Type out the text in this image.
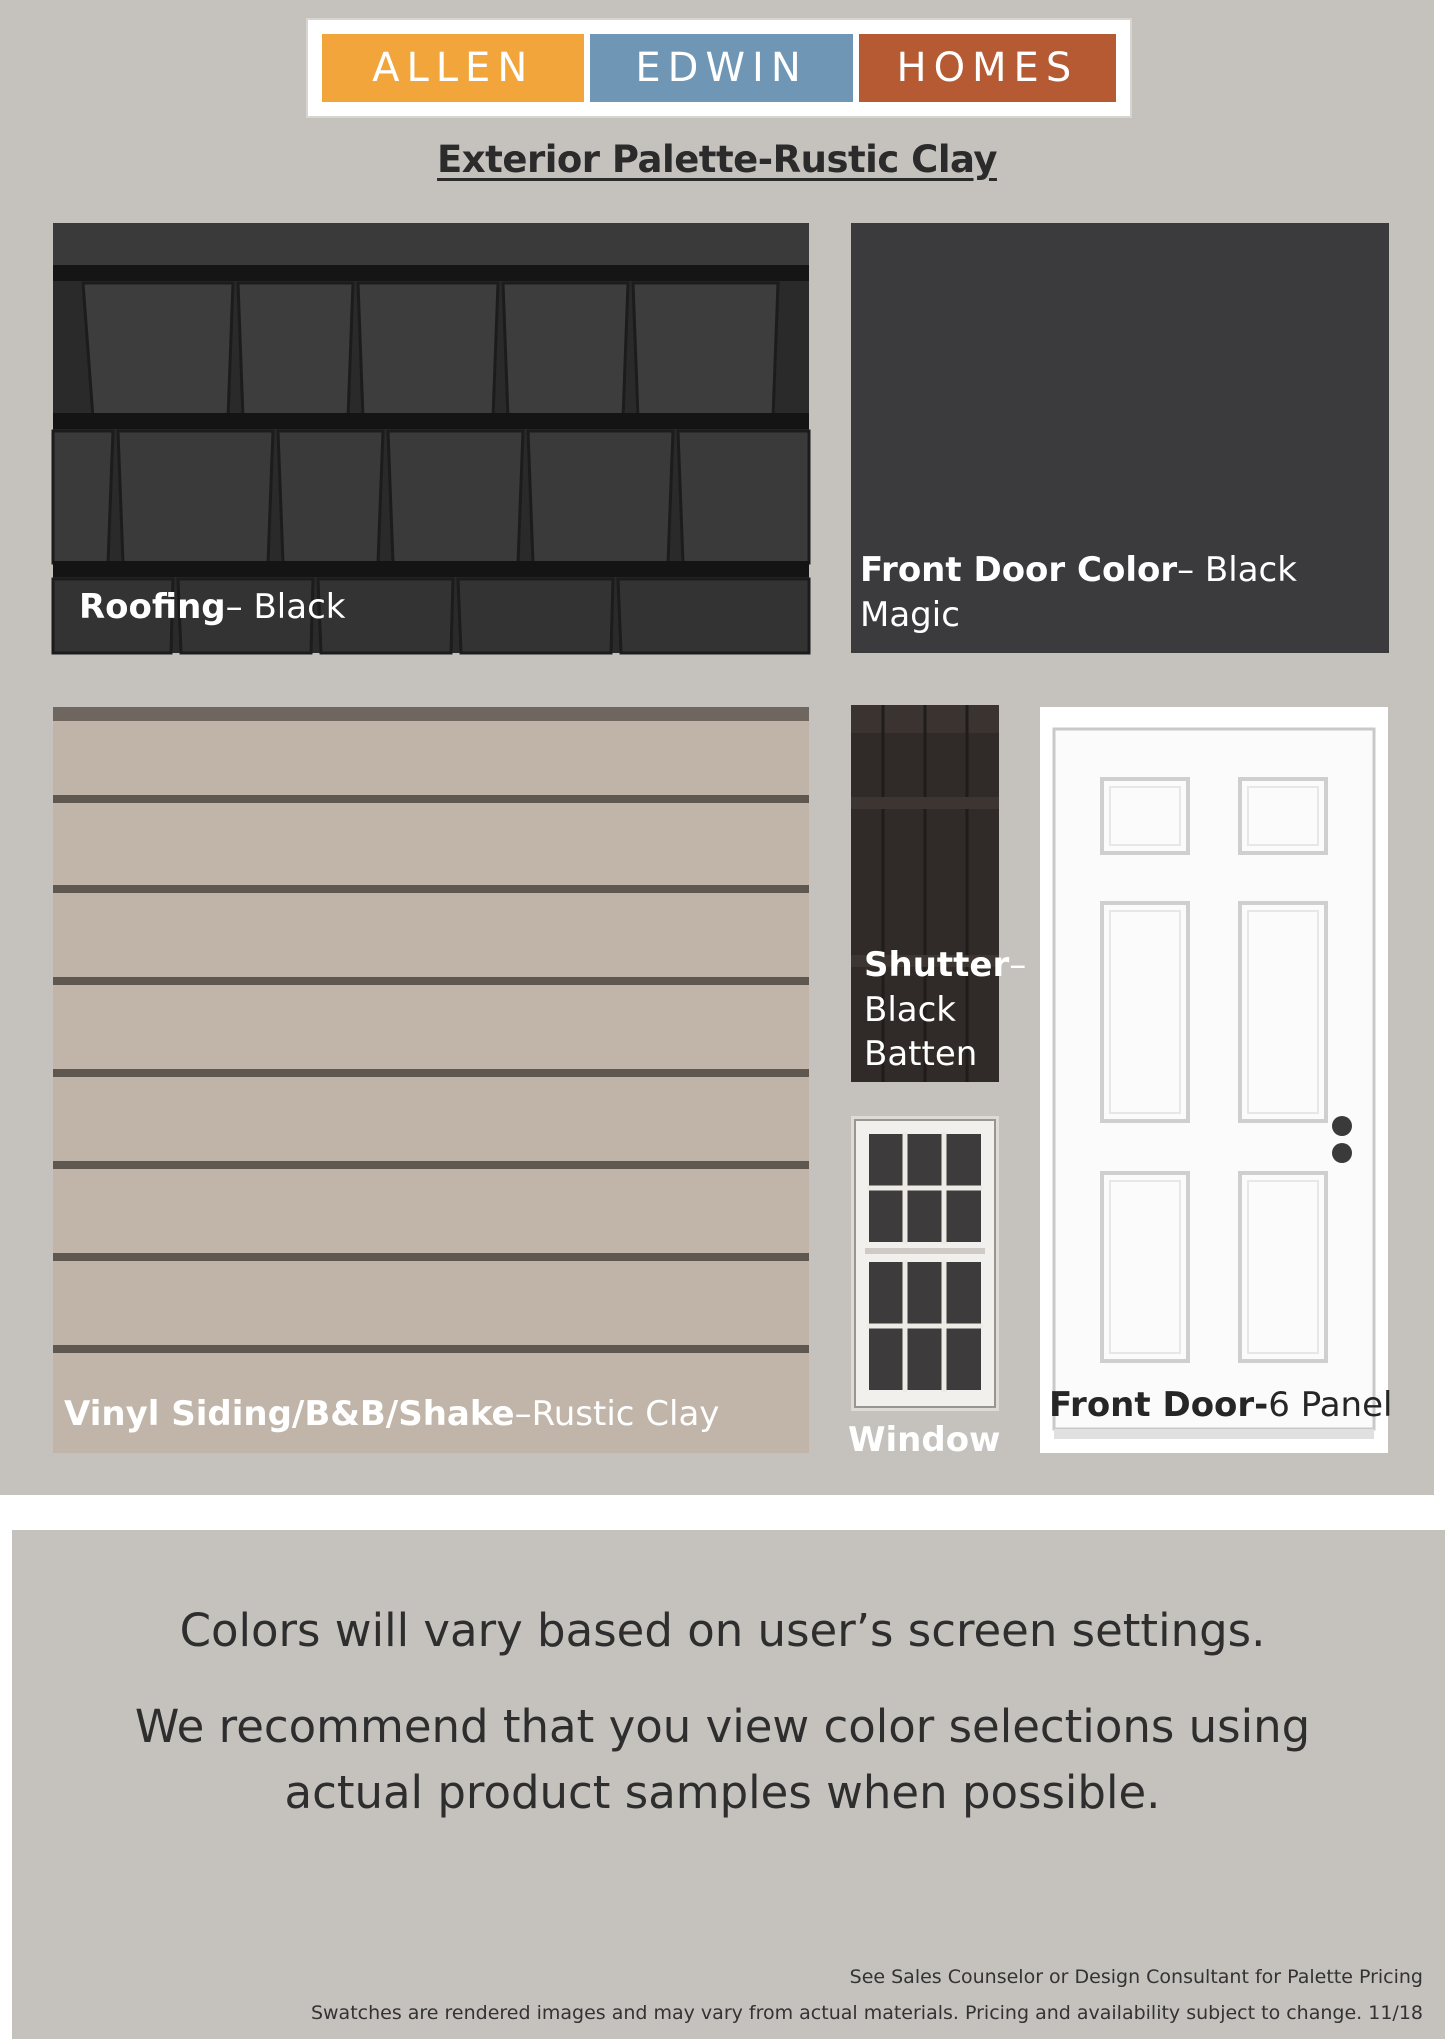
ALLEN	EDWIN	HOMES
Exterior Palette-Rustic Clay
Roofing– Black
Front Door Color– Black
Magic
Vinyl Siding/B&B/Shake–Rustic Clay
Shutter–
Black
Batten
Window
Front Door-6 Panel
Colors will vary based on user’s screen settings.
We recommend that you view color selections using
actual product samples when possible.
See Sales Counselor or Design Consultant for Palette Pricing
Swatches are rendered images and may vary from actual materials. Pricing and availability subject to change. 11/18
